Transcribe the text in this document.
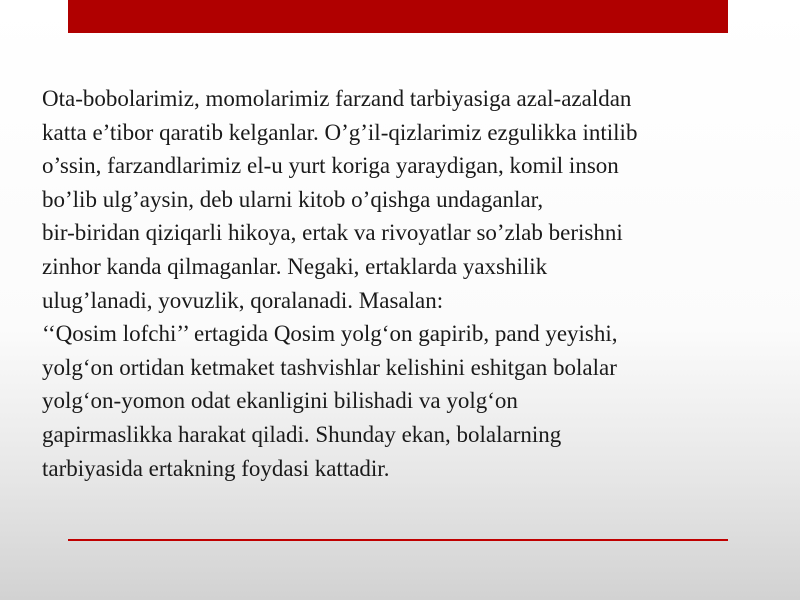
Ota-bobolarimiz, momolarimiz farzand tarbiyasiga azal-azaldan
katta e’tibor qaratib kelganlar. O’g’il-qizlarimiz ezgulikka intilib
o’ssin, farzandlarimiz el-u yurt koriga yaraydigan, komil inson
bo’lib ulg’aysin, deb ularni kitob o’qishga undaganlar,
bir-biridan qiziqarli hikoya, ertak va rivoyatlar so’zlab berishni
zinhor kanda qilmaganlar. Negaki, ertaklarda yaxshilik
ulug’lanadi, yovuzlik, qoralanadi. Masalan:
‘‘Qosim lofchi’’ ertagida Qosim yolg‘on gapirib, pand yeyishi,
yolg‘on ortidan ketmaket tashvishlar kelishini eshitgan bolalar
yolg‘on-yomon odat ekanligini bilishadi va yolg‘on
gapirmaslikka harakat qiladi. Shunday ekan, bolalarning
tarbiyasida ertakning foydasi kattadir.
